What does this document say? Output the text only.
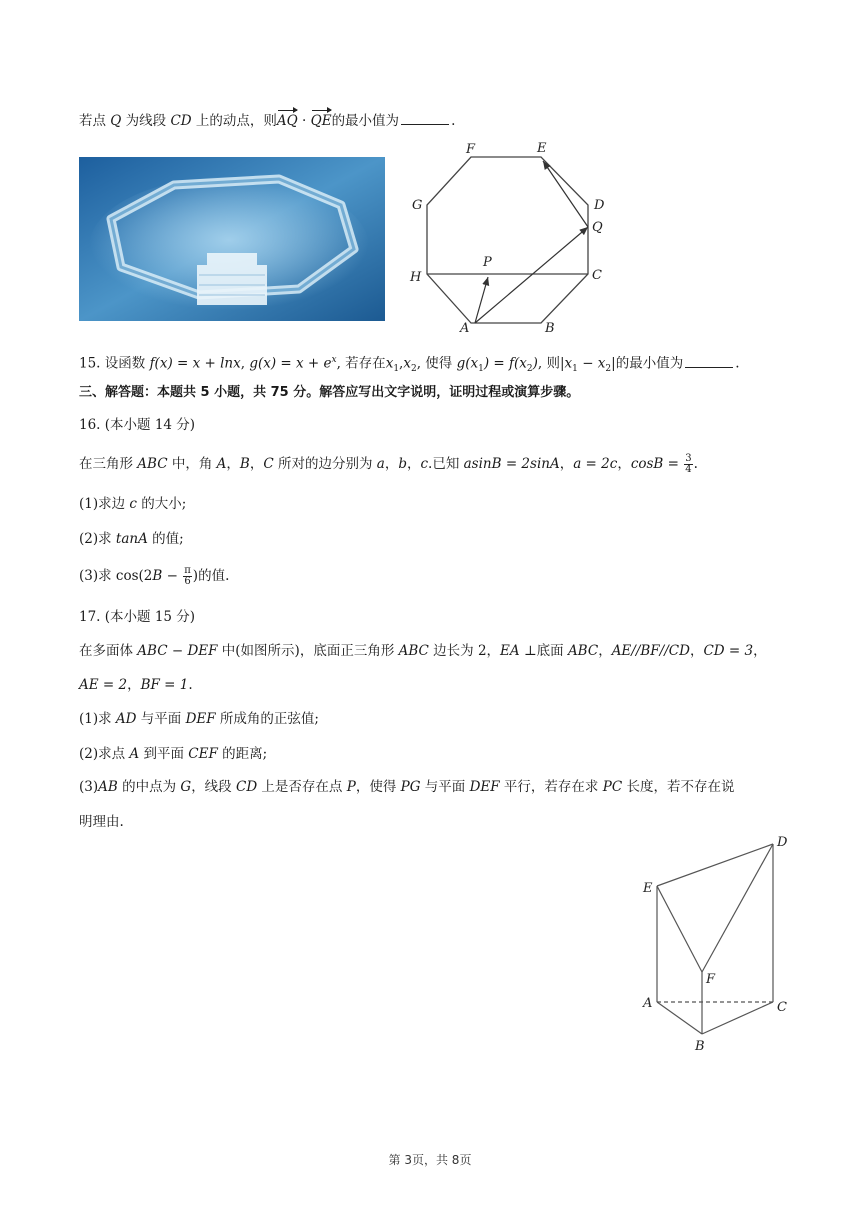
若点 Q 为线段 CD 上的动点，则AQ · QE的最小值为	.
F	E
G	D
Q
H
P
C
A	B
15. 设函数 f(x) = x + lnx, $g(x) = x + e^x$, 若存在$x_1,x_2$, 使得 $g(x_1) = f(x_2)$, 则$|x_1 - x_2|$的最小值为	.
三、解答题：本题共 5 小题，共 75 分。解答应写出文字说明，证明过程或演算步骤。
16. (本小题 14 分)
在三角形 ABC 中，角 A，B，C 所对的边分别为 a，b，c.已知 asinB = 2sinA，a = 2c，$\cos B = \frac{3}{4}$ .
(1)求边 c 的大小;
(2)求 tanA 的值;
(3)求 $\cos(2B - \frac{\pi}{6}$ )的值.
17. (本小题 15 分)
在多面体 ABC − DEF 中(如图所示)，底面正三角形 ABC 边长为 2，EA ⊥底面 ABC，AE//BF//CD，CD = 3，
AE = 2，BF = 1.
(1)求 AD 与平面 DEF 所成角的正弦值;
(2)求点 A 到平面 CEF 的距离;
(3)AB 的中点为 G，线段 CD 上是否存在点 P，使得 PG 与平面 DEF 平行，若存在求 PC 长度，若不存在说
明理由.
D
E
F
A	C
B
第 3页，共 8页
